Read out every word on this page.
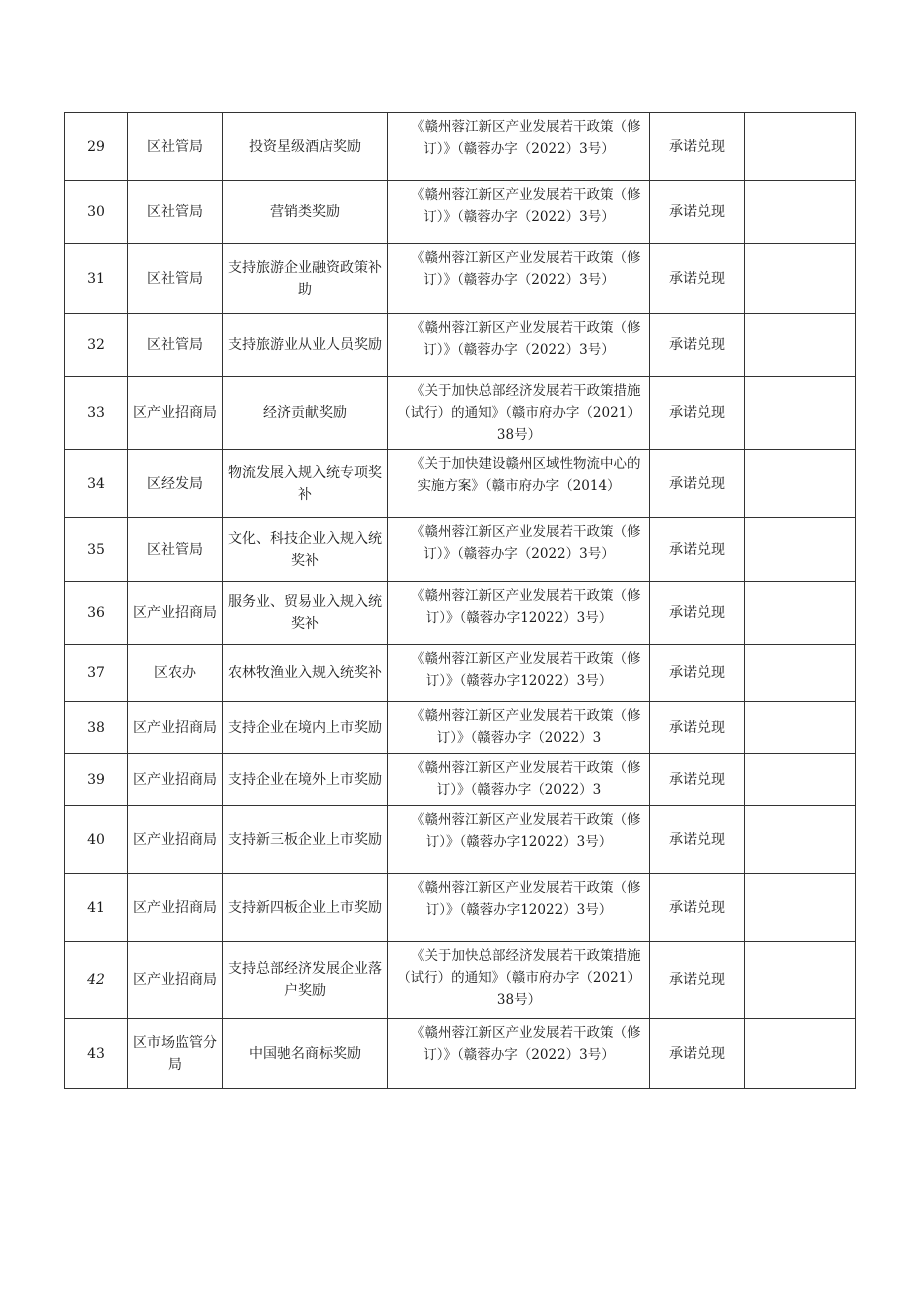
29	区社管局	投资星级酒店奖励	《赣州蓉江新区产业发展若干政策（修订）》（赣蓉办字（2022）3号）	承诺兑现	

30	区社管局	营销类奖励	《赣州蓉江新区产业发展若干政策（修订）》（赣蓉办字（2022）3号）	承诺兑现	

31	区社管局	支持旅游企业融资政策补助	《赣州蓉江新区产业发展若干政策（修订）》（赣蓉办字（2022）3号）	承诺兑现	

32	区社管局	支持旅游业从业人员奖励	《赣州蓉江新区产业发展若干政策（修订）》（赣蓉办字（2022）3号）	承诺兑现	

33	区产业招商局	经济贡献奖励	《关于加快总部经济发展若干政策措施（试行）的通知》（赣市府办字（2021）38号）	承诺兑现	

34	区经发局	物流发展入规入统专项奖补	《关于加快建设赣州区域性物流中心的实施方案》（赣市府办字（2014）	承诺兑现	

35	区社管局	文化、科技企业入规入统奖补	《赣州蓉江新区产业发展若干政策（修订）》（赣蓉办字（2022）3号）	承诺兑现	

36	区产业招商局	服务业、贸易业入规入统奖补	《赣州蓉江新区产业发展若干政策（修订）》（赣蓉办字12022）3号）	承诺兑现	

37	区农办	农林牧渔业入规入统奖补	《赣州蓉江新区产业发展若干政策（修订）》（赣蓉办字12022）3号）	承诺兑现	

38	区产业招商局	支持企业在境内上市奖励	《赣州蓉江新区产业发展若干政策（修订）》（赣蓉办字（2022）3	承诺兑现	

39	区产业招商局	支持企业在境外上市奖励	《赣州蓉江新区产业发展若干政策（修订）》（赣蓉办字（2022）3	承诺兑现	

40	区产业招商局	支持新三板企业上市奖励	《赣州蓉江新区产业发展若干政策（修订）》（赣蓉办字12022）3号）	承诺兑现	

41	区产业招商局	支持新四板企业上市奖励	《赣州蓉江新区产业发展若干政策（修订）》（赣蓉办字12022）3号）	承诺兑现	

42	区产业招商局	支持总部经济发展企业落户奖励	《关于加快总部经济发展若干政策措施（试行）的通知》（赣市府办字（2021）38号）	承诺兑现	

43	区市场监管分局	中国驰名商标奖励	《赣州蓉江新区产业发展若干政策（修订）》（赣蓉办字（2022）3号）	承诺兑现	
